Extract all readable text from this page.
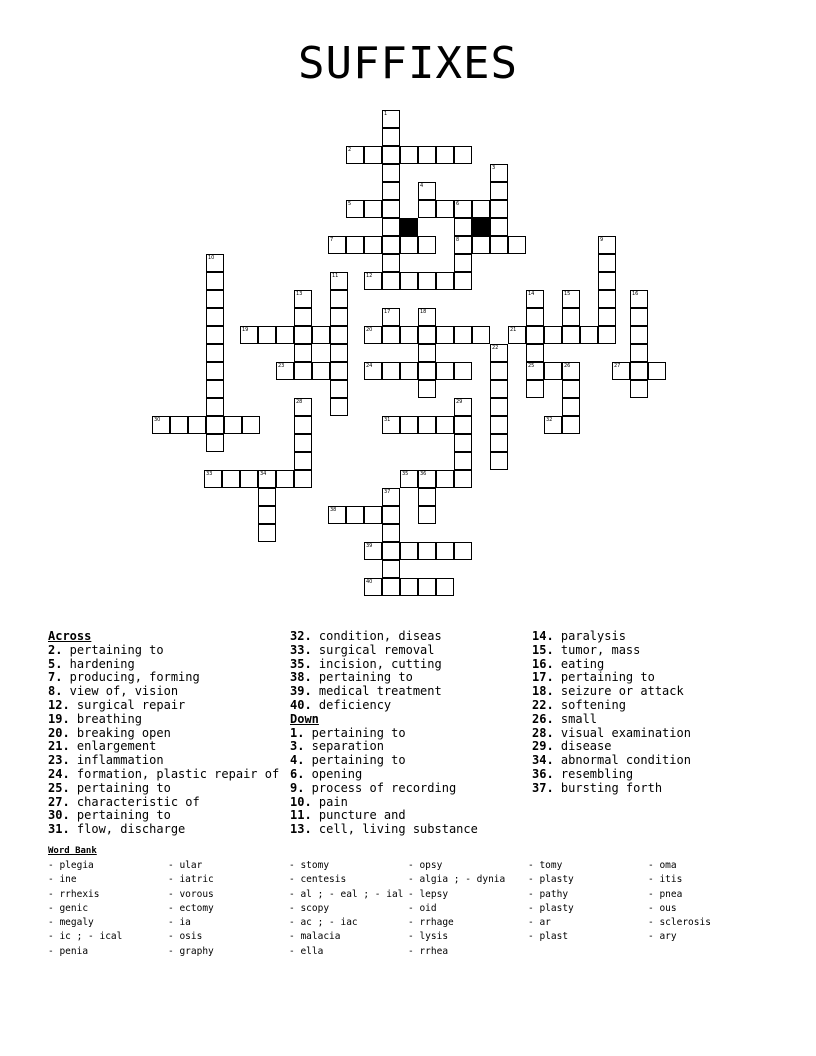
SUFFIXES
1
2
3
4
5	6
7	8	9
12
10
11
13
19
23
20
18
17
24
22
21
14
25
15	16
27
26
32
30
28
33	34
29
31
35 36
37
38
39
40
Across
2. pertaining to
5. hardening
7. producing, forming
8. view of, vision
12. surgical repair
19. breathing
20. breaking open
21. enlargement
23. inflammation
24. formation, plastic repair of
25. pertaining to
27. characteristic of
30. pertaining to
31. flow, discharge
32. condition, diseas
33. surgical removal
35. incision, cutting
38. pertaining to
39. medical treatment
40. deficiency
Down
1. pertaining to
3. separation
4. pertaining to
6. opening
9. process of recording
10. pain
11. puncture and
13. cell, living substance
14. paralysis
15. tumor, mass
16. eating
17. pertaining to
18. seizure or attack
22. softening
26. small
28. visual examination
29. disease
34. abnormal condition
36. resembling
37. bursting forth
Word Bank
- plegia
- ine
- rrhexis
- genic
- megaly
- ic ; - ical
- penia
- ular
- iatric
- vorous
- ectomy
- ia
- osis
- graphy
- stomy
- centesis
- al ; - eal ; - ial
- scopy
- ac ; - iac
- malacia
- ella
- opsy
- algia ; - dynia
- lepsy
- oid
- rrhage
- lysis
- rrhea
- tomy
- plasty
- pathy
- plasty
- ar
- plast
- oma
- itis
- pnea
- ous
- sclerosis
- ary
